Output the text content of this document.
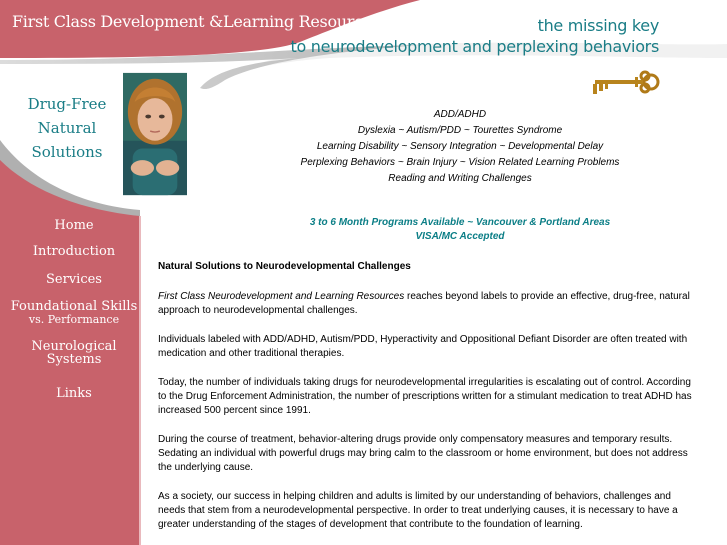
First Class Development &Learning Resources	the missing key
to neurodevelopment and perplexing behaviors
Drug-Free
Natural
Solutions
Home
Introduction
Services
Foundational Skills
vs. Performance
Neurological
Systems
Links
ADD/ADHD
Dyslexia ~ Autism/PDD ~ Tourettes Syndrome
Learning Disability ~ Sensory Integration ~ Developmental Delay
Perplexing Behaviors ~ Brain Injury ~ Vision Related Learning Problems
Reading and Writing Challenges
3 to 6 Month Programs Available ~ Vancouver & Portland Areas
VISA/MC Accepted
Natural Solutions to Neurodevelopmental Challenges

First Class Neurodevelopment and Learning Resources reaches beyond labels to provide an effective, drug-free, natural approach to neurodevelopmental challenges.

Individuals labeled with ADD/ADHD, Autism/PDD, Hyperactivity and Oppositional Defiant Disorder are often treated with medication and other traditional therapies.

Today, the number of individuals taking drugs for neurodevelopmental irregularities is escalating out of control. According to the Drug Enforcement Administration, the number of prescriptions written for a stimulant medication to treat ADHD has increased 500 percent since 1991.

During the course of treatment, behavior-altering drugs provide only compensatory measures and temporary results. Sedating an individual with powerful drugs may bring calm to the classroom or home environment, but does not address the underlying cause.

As a society, our success in helping children and adults is limited by our understanding of behaviors, challenges and needs that stem from a neurodevelopmental perspective. In order to treat underlying causes, it is necessary to have a greater understanding of the stages of development that contribute to the foundation of learning.
